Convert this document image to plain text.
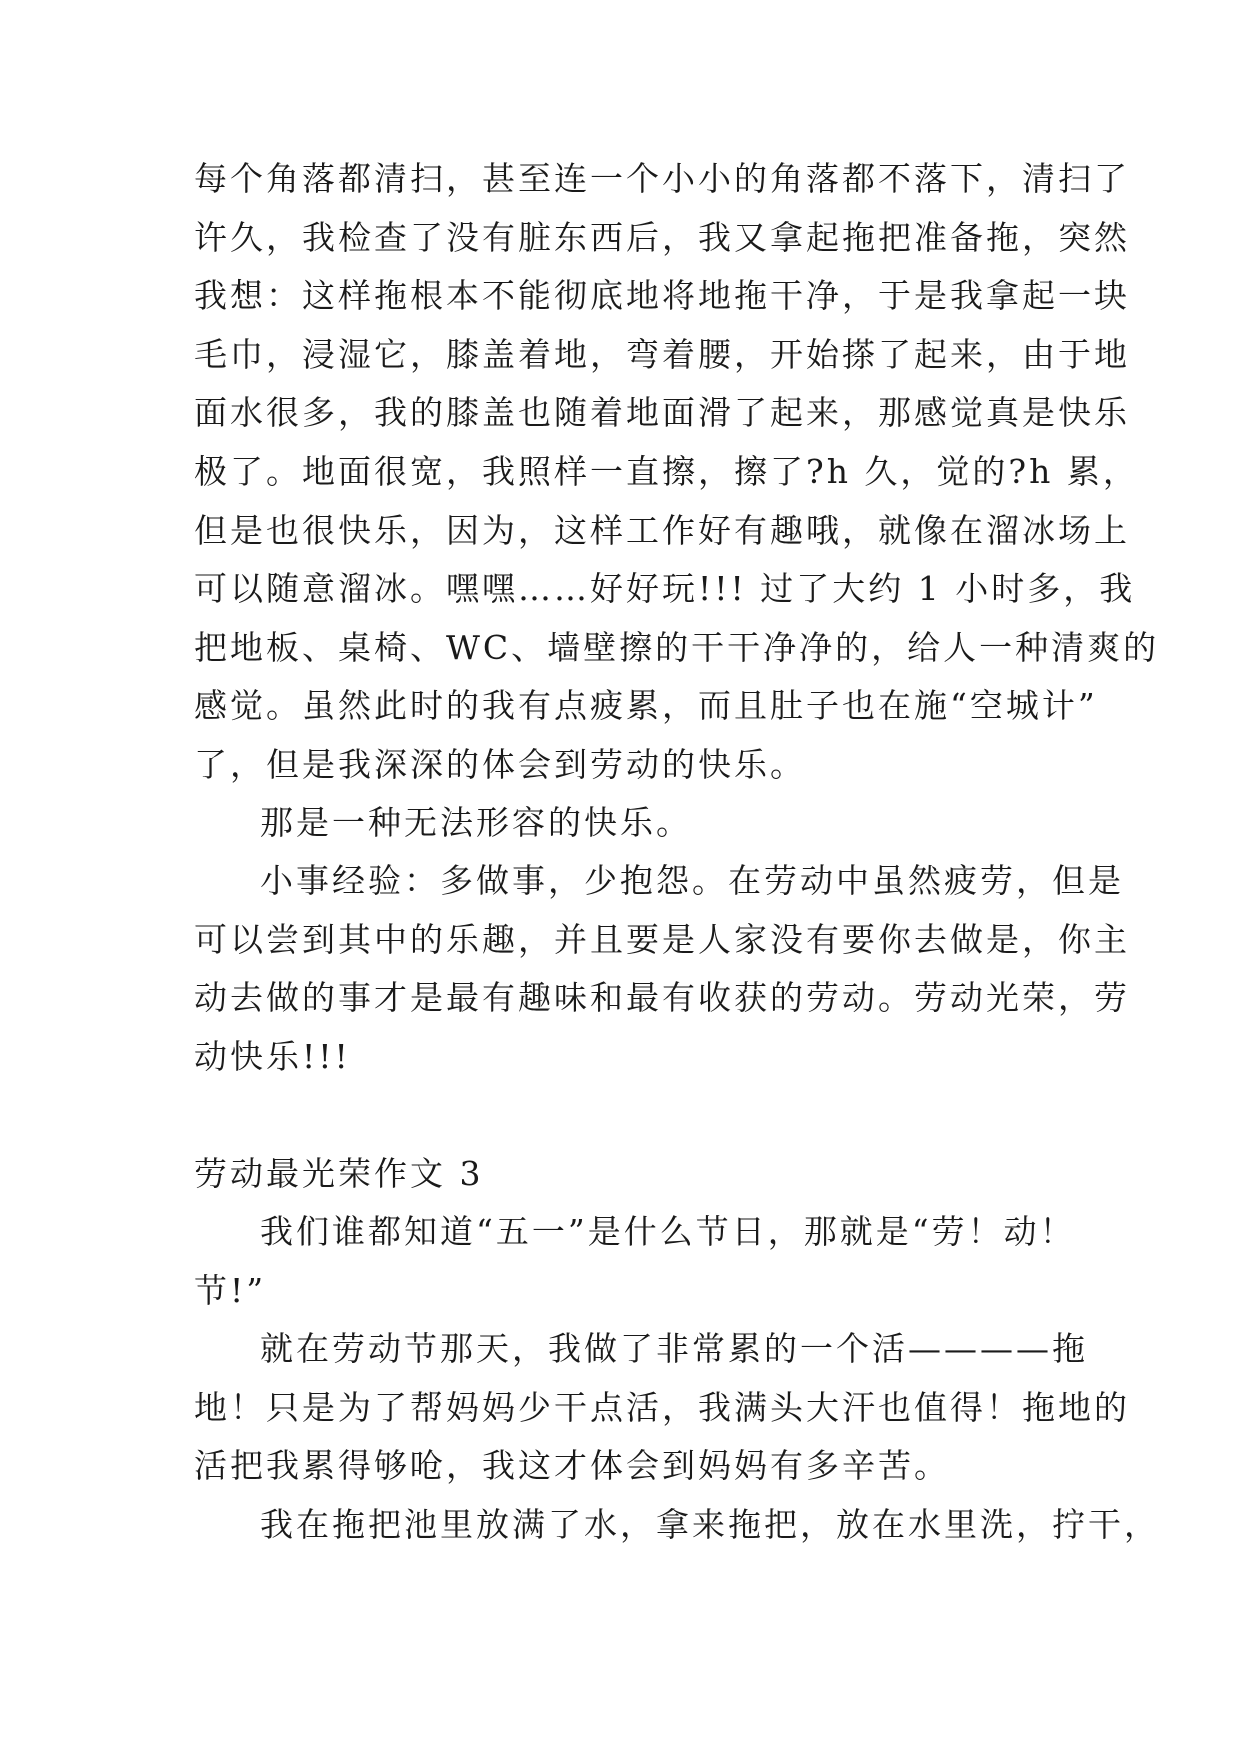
每个角落都清扫，甚至连一个小小的角落都不落下，清扫了
许久，我检查了没有脏东西后，我又拿起拖把准备拖，突然
我想：这样拖根本不能彻底地将地拖干净，于是我拿起一块
毛巾，浸湿它，膝盖着地，弯着腰，开始搽了起来，由于地
面水很多，我的膝盖也随着地面滑了起来，那感觉真是快乐
极了。地面很宽，我照样一直擦，擦了?h 久，觉的?h 累，
但是也很快乐，因为，这样工作好有趣哦，就像在溜冰场上
可以随意溜冰。嘿嘿……好好玩!!! 过了大约 1 小时多，我
把地板、桌椅、WC、墙壁擦的干干净净的，给人一种清爽的
感觉。虽然此时的我有点疲累，而且肚子也在施“空城计”
了，但是我深深的体会到劳动的快乐。
那是一种无法形容的快乐。
小事经验：多做事，少抱怨。在劳动中虽然疲劳，但是
可以尝到其中的乐趣，并且要是人家没有要你去做是，你主
动去做的事才是最有趣味和最有收获的劳动。劳动光荣，劳
动快乐!!!
劳动最光荣作文 3
我们谁都知道“五一”是什么节日，那就是“劳！动！
节!”
就在劳动节那天，我做了非常累的一个活————拖
地！只是为了帮妈妈少干点活，我满头大汗也值得！拖地的
活把我累得够呛，我这才体会到妈妈有多辛苦。
我在拖把池里放满了水，拿来拖把，放在水里洗，拧干，
